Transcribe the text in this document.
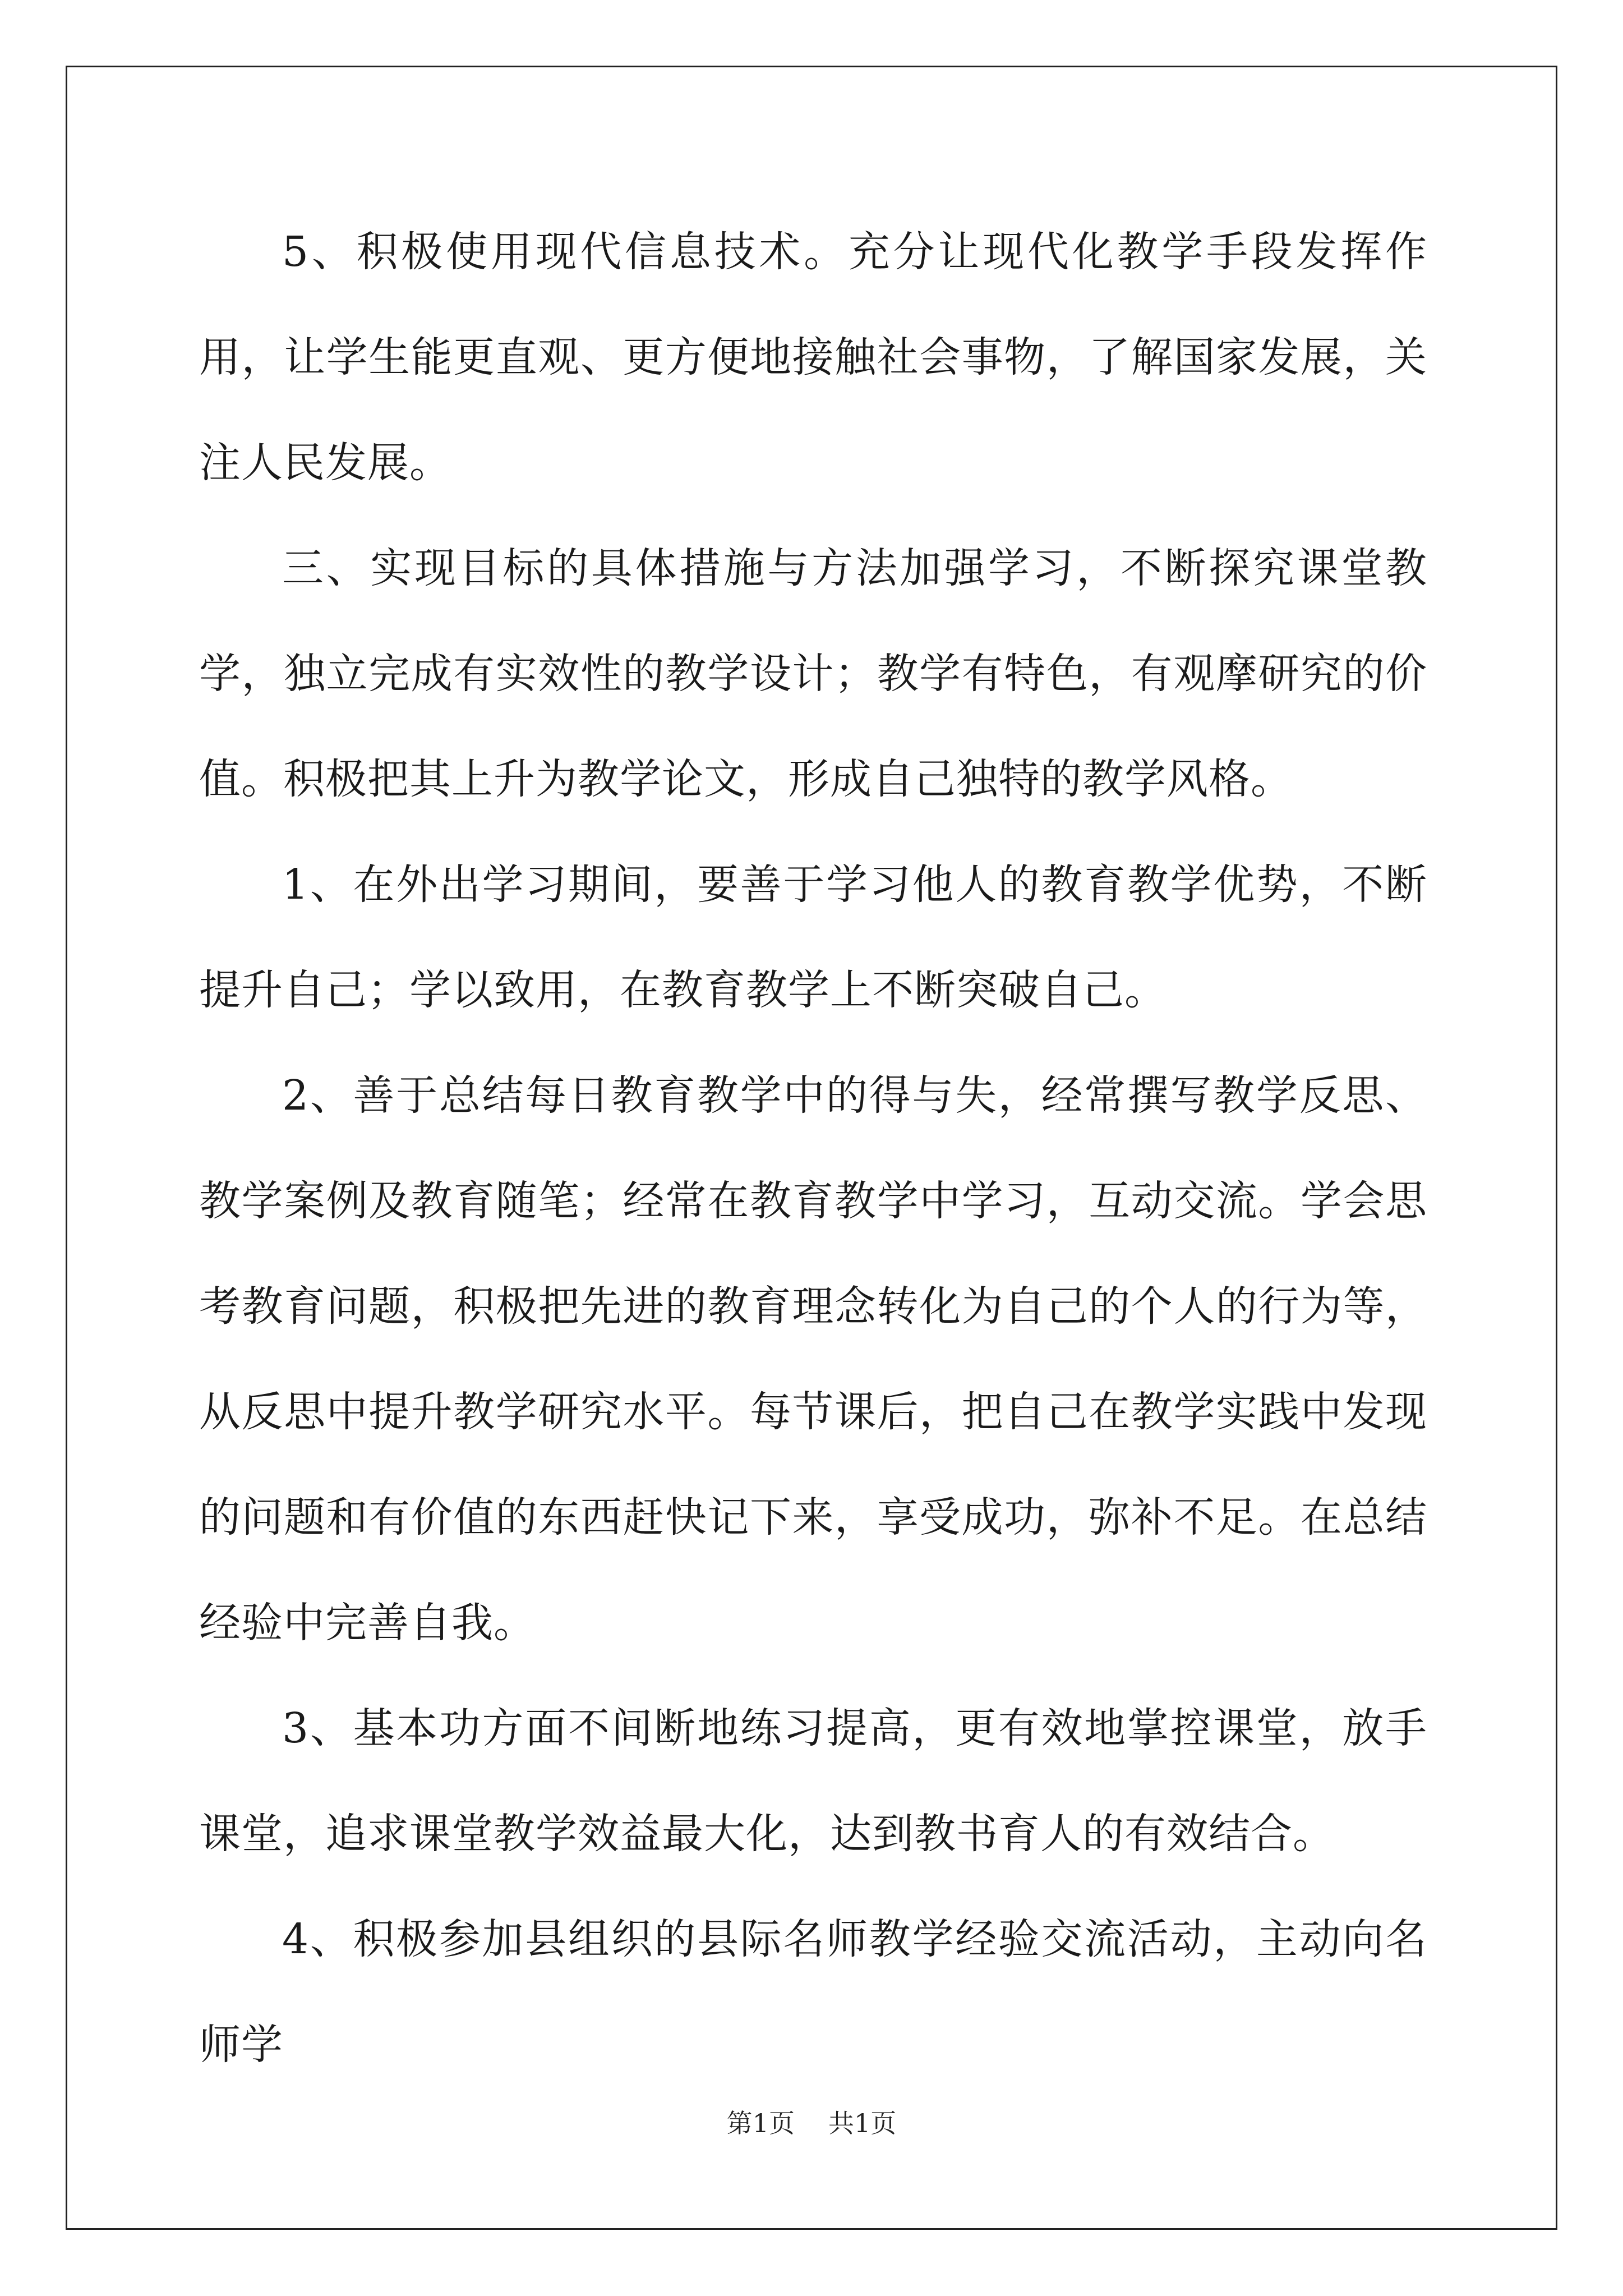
5、积极使用现代信息技术。充分让现代化教学手段发挥作用，让学生能更直观、更方便地接触社会事物，了解国家发展，关注人民发展。

三、实现目标的具体措施与方法加强学习，不断探究课堂教学，独立完成有实效性的教学设计；教学有特色，有观摩研究的价值。积极把其上升为教学论文，形成自己独特的教学风格。

1、在外出学习期间，要善于学习他人的教育教学优势，不断提升自己；学以致用，在教育教学上不断突破自己。

2、善于总结每日教育教学中的得与失，经常撰写教学反思、教学案例及教育随笔；经常在教育教学中学习，互动交流。学会思考教育问题，积极把先进的教育理念转化为自己的个人的行为等，从反思中提升教学研究水平。每节课后，把自己在教学实践中发现的问题和有价值的东西赶快记下来，享受成功，弥补不足。在总结经验中完善自我。

3、基本功方面不间断地练习提高，更有效地掌控课堂，放手课堂，追求课堂教学效益最大化，达到教书育人的有效结合。

4、积极参加县组织的县际名师教学经验交流活动，主动向名师学

第1页 共1页
